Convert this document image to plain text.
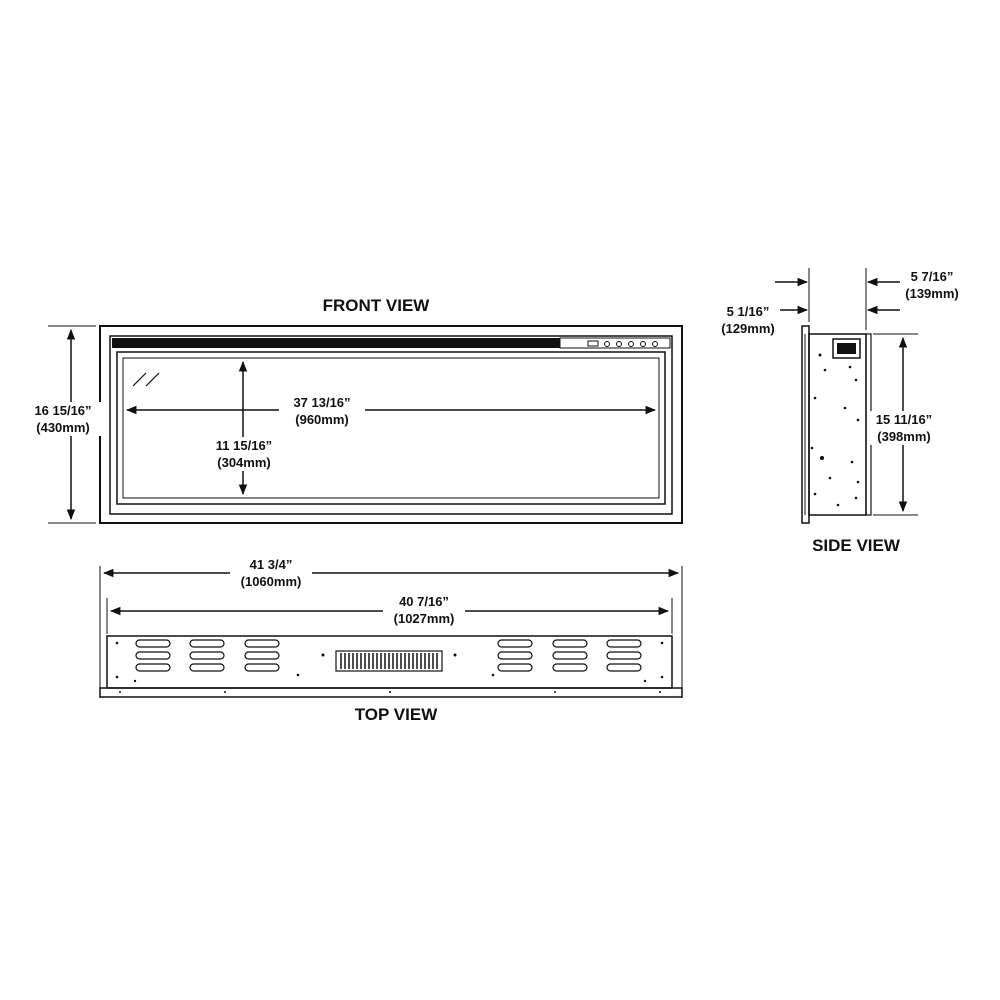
FRONT VIEW
TOP VIEW
SIDE VIEW
16 15/16”
(430mm)
37 13/16”
(960mm)
11 15/16”
(304mm)
41 3/4”
(1060mm)
40 7/16”
(1027mm)
5 1/16”
(129mm)
5 7/16”
(139mm)
15 11/16”
(398mm)
